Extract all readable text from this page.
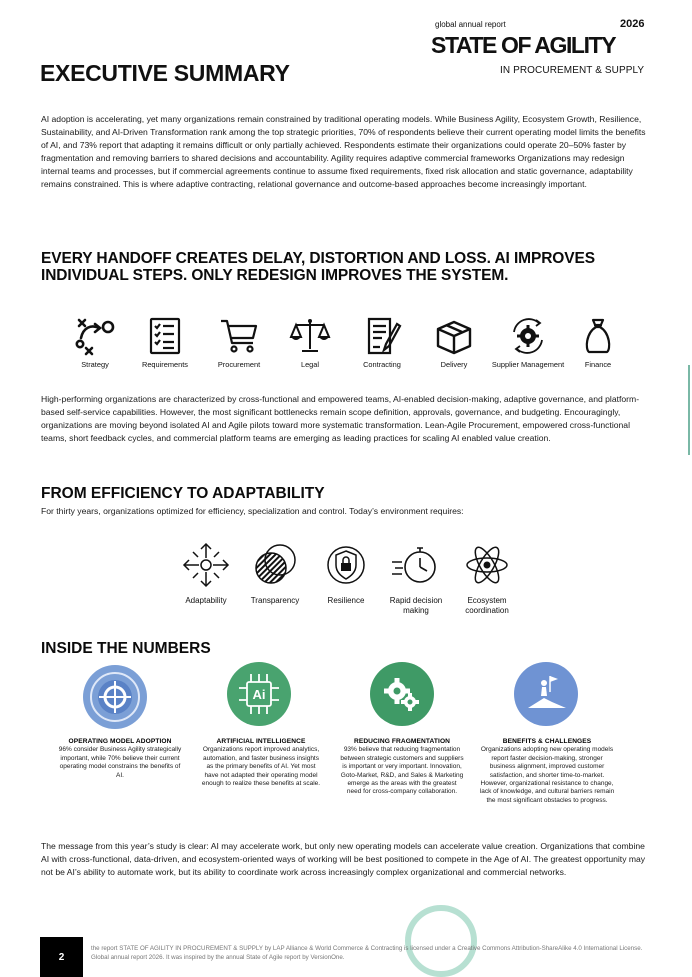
global annual report	2026
STATE OF AGILITY
IN PROCUREMENT & SUPPLY
EXECUTIVE SUMMARY
AI adoption is accelerating, yet many organizations remain constrained by traditional operating models. While Business Agility, Ecosystem Growth, Resilience, Sustainability, and AI-Driven Transformation rank among the top strategic priorities, 70% of respondents believe their current operating model limits the benefits of AI, and 73% report that adapting it remains difficult or only partially achieved. Respondents estimate their organizations could operate 20–50% faster by fragmentation and removing barriers to shared decisions and accountability. Agility requires adaptive commercial frameworks Organizations may redesign internal teams and processes, but if commercial agreements continue to assume fixed requirements, fixed risk allocation and static governance, adaptability remains constrained. This is where adaptive contracting, relational governance and outcome-based approaches become increasingly important.
EVERY HANDOFF CREATES DELAY, DISTORTION AND LOSS. AI IMPROVES
INDIVIDUAL STEPS. ONLY REDESIGN IMPROVES THE SYSTEM.
Strategy	Requirements	Procurement	Legal	Contracting	Delivery	Supplier Management	Finance
High-performing organizations are characterized by cross-functional and empowered teams, AI-enabled decision-making, adaptive governance, and platform-based self-service capabilities. However, the most significant bottlenecks remain scope definition, approvals, governance, and budgeting. Encouragingly, organizations are moving beyond isolated AI and Agile pilots toward more systematic transformation. Lean-Agile Procurement, empowered cross-functional teams, short feedback cycles, and commercial platform teams are emerging as leading practices for scaling AI enabled value creation.
FROM EFFICIENCY TO ADAPTABILITY
For thirty years, organizations optimized for efficiency, specialization and control. Today’s environment requires:
Adaptability	Transparency	Resilience	Rapid decision making
Ecosystem coordination
INSIDE THE NUMBERS
OPERATING MODEL ADOPTION
96% consider Business Agility strategically important, while 70% believe their current operating model constrains the benefits of AI.
Ai
ARTIFICIAL INTELLIGENCE
Organizations report improved analytics, automation, and faster business insights as the primary benefits of AI. Yet most have not adapted their operating model enough to realize these benefits at scale.
REDUCING FRAGMENTATION
93% believe that reducing fragmentation between strategic customers and suppliers is important or very important. Innovation, Goto-Market, R&D, and Sales & Marketing emerge as the areas with the greatest need for cross-company collaboration.
BENEFITS & CHALLENGES
Organizations adopting new operating models report faster decision-making, stronger business alignment, improved customer satisfaction, and shorter time-to-market. However, organizational resistance to change, lack of knowledge, and cultural barriers remain the most significant obstacles to progress.
The message from this year’s study is clear: AI may accelerate work, but only new operating models can accelerate value creation. Organizations that combine AI with cross-functional, data-driven, and ecosystem-oriented ways of working will be best positioned to compete in the Age of AI. The greatest opportunity may not be AI’s ability to automate work, but its ability to coordinate work across increasingly complex organizational and commercial networks.
2
the report STATE OF AGILITY IN PROCUREMENT & SUPPLY by LAP Alliance & World Commerce & Contracting is licensed under a Creative Commons Attribution-ShareAlike 4.0 International License. Global annual report 2026. It was inspired by the annual State of Agile report by VersionOne.
